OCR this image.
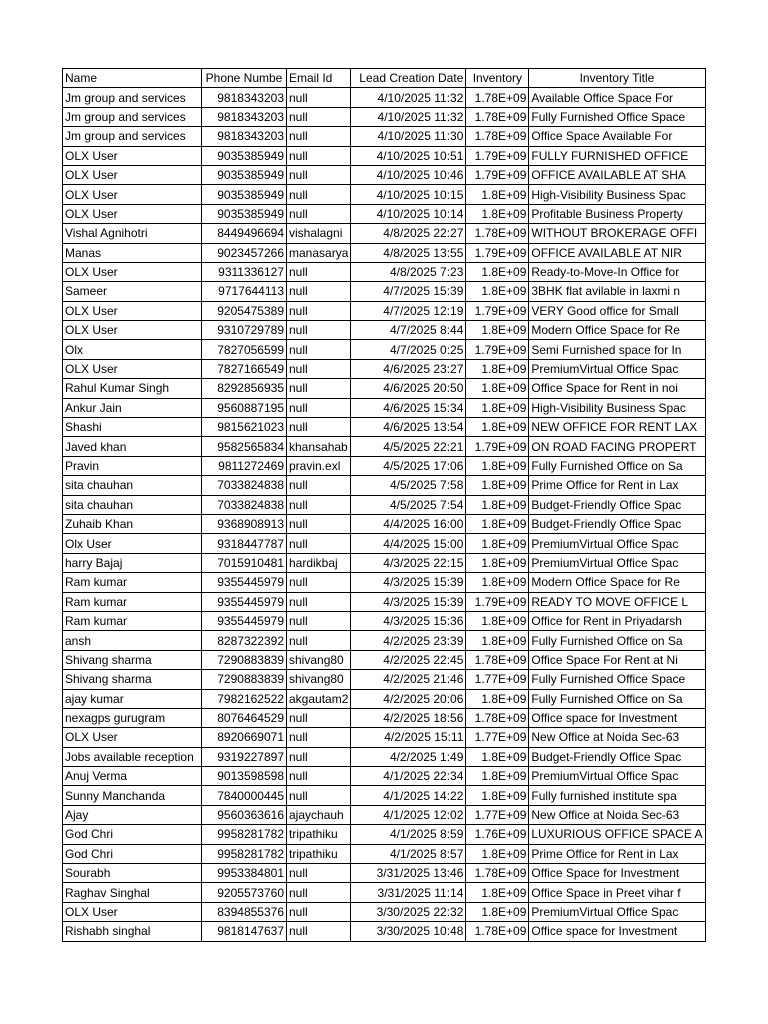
Name	Phone Numbe	Email Id	Lead Creation Date	Inventory	Inventory Title
Jm group and services	9818343203	null	4/10/2025 11:32	1.78E+09	Available Office Space For
Jm group and services	9818343203	null	4/10/2025 11:32	1.78E+09	Fully Furnished Office Space
Jm group and services	9818343203	null	4/10/2025 11:30	1.78E+09	Office Space Available For
OLX User	9035385949	null	4/10/2025 10:51	1.79E+09	FULLY FURNISHED OFFICE
OLX User	9035385949	null	4/10/2025 10:46	1.79E+09	OFFICE AVAILABLE AT SHA
OLX User	9035385949	null	4/10/2025 10:15	1.8E+09	High-Visibility Business Spac
OLX User	9035385949	null	4/10/2025 10:14	1.8E+09	Profitable Business Property
Vishal Agnihotri	8449496694	vishalagni	4/8/2025 22:27	1.78E+09	WITHOUT BROKERAGE OFFI
Manas	9023457266	manasarya	4/8/2025 13:55	1.79E+09	OFFICE AVAILABLE AT NIR
OLX User	9311336127	null	4/8/2025 7:23	1.8E+09	Ready-to-Move-In Office for
Sameer	9717644113	null	4/7/2025 15:39	1.8E+09	3BHK flat avilable in laxmi n
OLX User	9205475389	null	4/7/2025 12:19	1.79E+09	VERY Good office for Small
OLX User	9310729789	null	4/7/2025 8:44	1.8E+09	Modern Office Space for Re
Olx	7827056599	null	4/7/2025 0:25	1.79E+09	Semi Furnished space for In
OLX User	7827166549	null	4/6/2025 23:27	1.8E+09	PremiumVirtual Office Spac
Rahul Kumar Singh	8292856935	null	4/6/2025 20:50	1.8E+09	Office Space for Rent in noi
Ankur Jain	9560887195	null	4/6/2025 15:34	1.8E+09	High-Visibility Business Spac
Shashi	9815621023	null	4/6/2025 13:54	1.8E+09	NEW OFFICE FOR RENT LAX
Javed khan	9582565834	khansahab	4/5/2025 22:21	1.79E+09	ON ROAD FACING PROPERT
Pravin	9811272469	pravin.exl	4/5/2025 17:06	1.8E+09	Fully Furnished Office on Sa
sita chauhan	7033824838	null	4/5/2025 7:58	1.8E+09	Prime Office for Rent in Lax
sita chauhan	7033824838	null	4/5/2025 7:54	1.8E+09	Budget-Friendly Office Spac
Zuhaib Khan	9368908913	null	4/4/2025 16:00	1.8E+09	Budget-Friendly Office Spac
Olx User	9318447787	null	4/4/2025 15:00	1.8E+09	PremiumVirtual Office Spac
harry Bajaj	7015910481	hardikbaj	4/3/2025 22:15	1.8E+09	PremiumVirtual Office Spac
Ram kumar	9355445979	null	4/3/2025 15:39	1.8E+09	Modern Office Space for Re
Ram kumar	9355445979	null	4/3/2025 15:39	1.79E+09	READY TO MOVE OFFICE L
Ram kumar	9355445979	null	4/3/2025 15:36	1.8E+09	Office for Rent in Priyadarsh
ansh	8287322392	null	4/2/2025 23:39	1.8E+09	Fully Furnished Office on Sa
Shivang sharma	7290883839	shivang80	4/2/2025 22:45	1.78E+09	Office Space For Rent at Ni
Shivang sharma	7290883839	shivang80	4/2/2025 21:46	1.77E+09	Fully Furnished Office Space
ajay kumar	7982162522	akgautam2	4/2/2025 20:06	1.8E+09	Fully Furnished Office on Sa
nexagps gurugram	8076464529	null	4/2/2025 18:56	1.78E+09	Office space for Investment
OLX User	8920669071	null	4/2/2025 15:11	1.77E+09	New Office at Noida Sec-63
Jobs available reception	9319227897	null	4/2/2025 1:49	1.8E+09	Budget-Friendly Office Spac
Anuj Verma	9013598598	null	4/1/2025 22:34	1.8E+09	PremiumVirtual Office Spac
Sunny Manchanda	7840000445	null	4/1/2025 14:22	1.8E+09	Fully furnished institute spa
Ajay	9560363616	ajaychauh	4/1/2025 12:02	1.77E+09	New Office at Noida Sec-63
God Chri	9958281782	tripathiku	4/1/2025 8:59	1.76E+09	LUXURIOUS OFFICE SPACE A
God Chri	9958281782	tripathiku	4/1/2025 8:57	1.8E+09	Prime Office for Rent in Lax
Sourabh	9953384801	null	3/31/2025 13:46	1.78E+09	Office Space for Investment
Raghav Singhal	9205573760	null	3/31/2025 11:14	1.8E+09	Office Space in Preet vihar f
OLX User	8394855376	null	3/30/2025 22:32	1.8E+09	PremiumVirtual Office Spac
Rishabh singhal	9818147637	null	3/30/2025 10:48	1.78E+09	Office space for Investment
